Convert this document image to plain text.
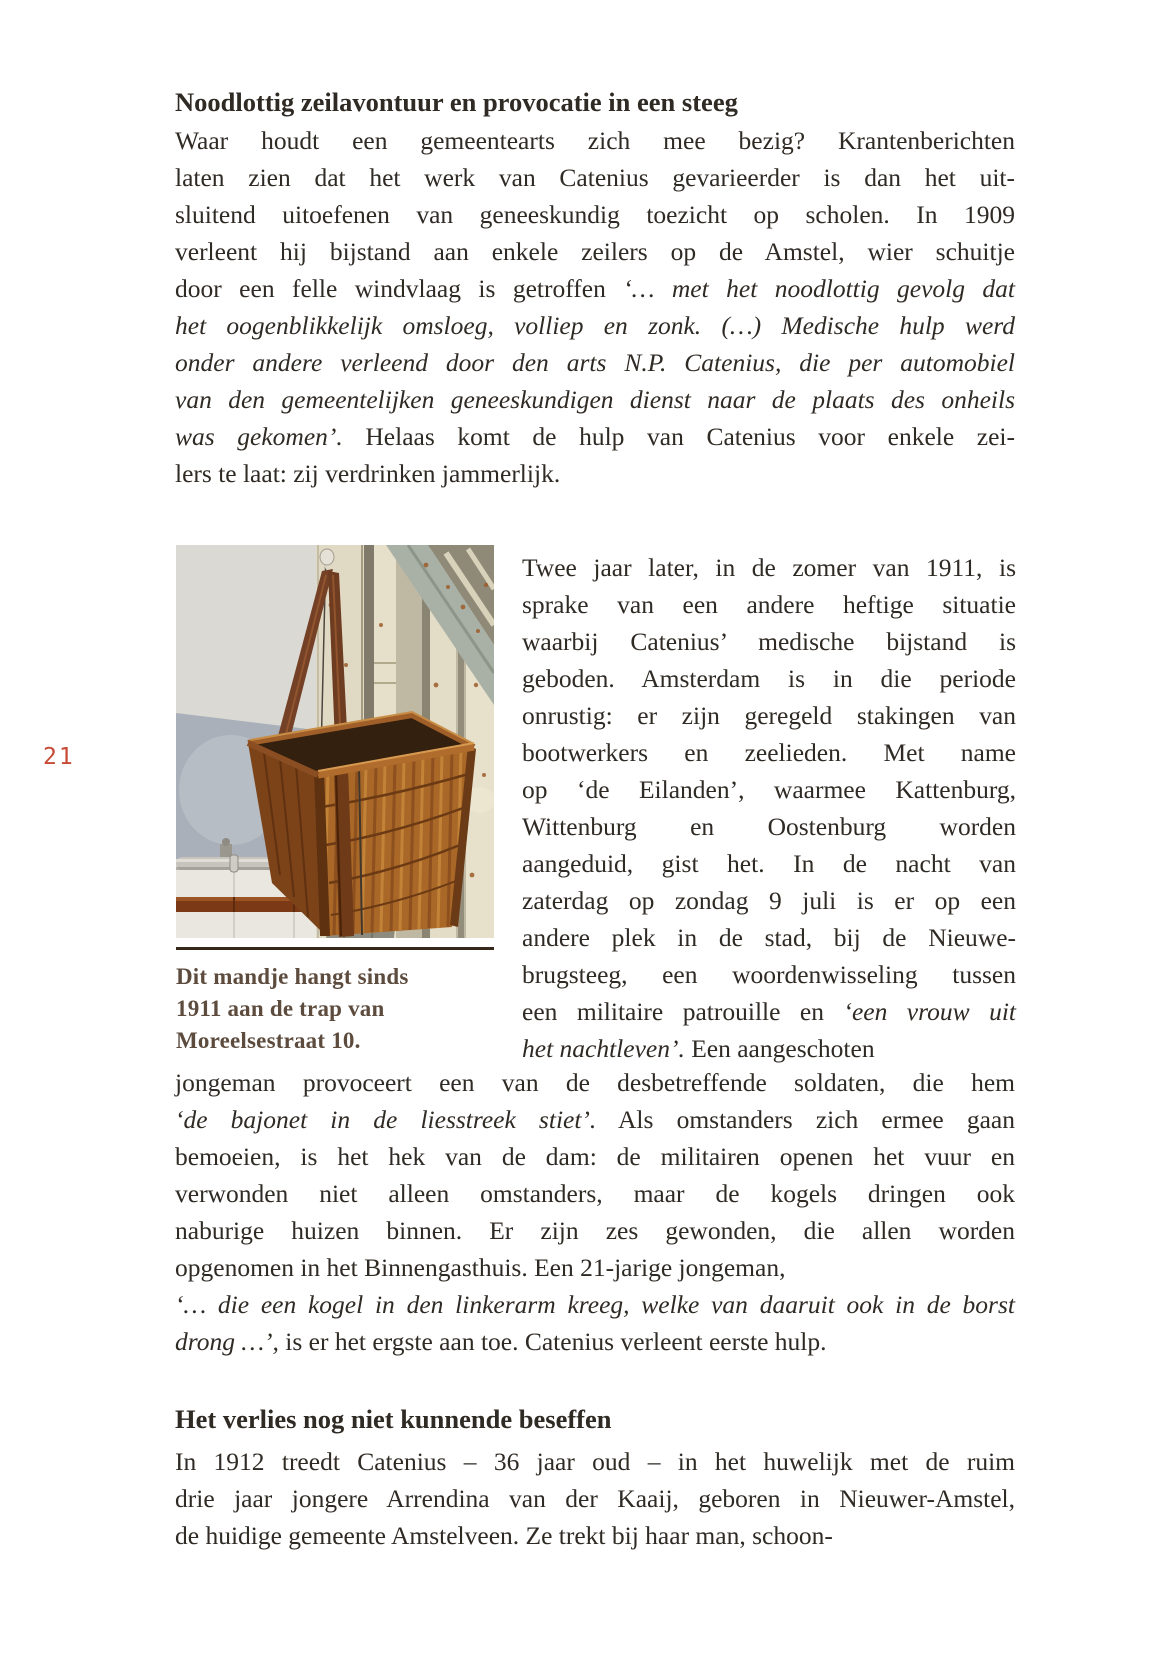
21
Noodlottig zeilavontuur en provocatie in een steeg
Waar houdt een gemeentearts zich mee bezig? Krantenberichten
laten zien dat het werk van Catenius gevarieerder is dan het uit-
sluitend uitoefenen van geneeskundig toezicht op scholen. In 1909
verleent hij bijstand aan enkele zeilers op de Amstel, wier schuitje
door een felle windvlaag is getroffen ‘… met het noodlottig gevolg dat
het oogenblikkelijk omsloeg, volliep en zonk. (…) Medische hulp werd
onder andere verleend door den arts N.P. Catenius, die per automobiel
van den gemeentelijken geneeskundigen dienst naar de plaats des onheils
was gekomen’. Helaas komt de hulp van Catenius voor enkele zei-
lers te laat: zij verdrinken jammerlijk.
Twee jaar later, in de zomer van 1911, is
sprake van een andere heftige situatie
waarbij Catenius’ medische bijstand is
geboden. Amsterdam is in die periode
onrustig: er zijn geregeld stakingen van
bootwerkers en zeelieden. Met name
op ‘de Eilanden’, waarmee Kattenburg,
Wittenburg en Oostenburg worden
aangeduid, gist het. In de nacht van
zaterdag op zondag 9 juli is er op een
andere plek in de stad, bij de Nieuwe-
brugsteeg, een woordenwisseling tussen
een militaire patrouille en ‘een vrouw uit
het nachtleven’. Een aangeschoten
Dit mandje hangt sinds
1911 aan de trap van
Moreelsestraat 10.
jongeman provoceert een van de desbetreffende soldaten, die hem
‘de bajonet in de liesstreek stiet’. Als omstanders zich ermee gaan
bemoeien, is het hek van de dam: de militairen openen het vuur en
verwonden niet alleen omstanders, maar de kogels dringen ook
naburige huizen binnen. Er zijn zes gewonden, die allen worden
opgenomen in het Binnengasthuis. Een 21-jarige jongeman,
‘… die een kogel in den linkerarm kreeg, welke van daaruit ook in de borst
drong …’, is er het ergste aan toe. Catenius verleent eerste hulp.
Het verlies nog niet kunnende beseffen
In 1912 treedt Catenius – 36 jaar oud – in het huwelijk met de ruim
drie jaar jongere Arrendina van der Kaaij, geboren in Nieuwer-Amstel,
de huidige gemeente Amstelveen. Ze trekt bij haar man, schoon-
